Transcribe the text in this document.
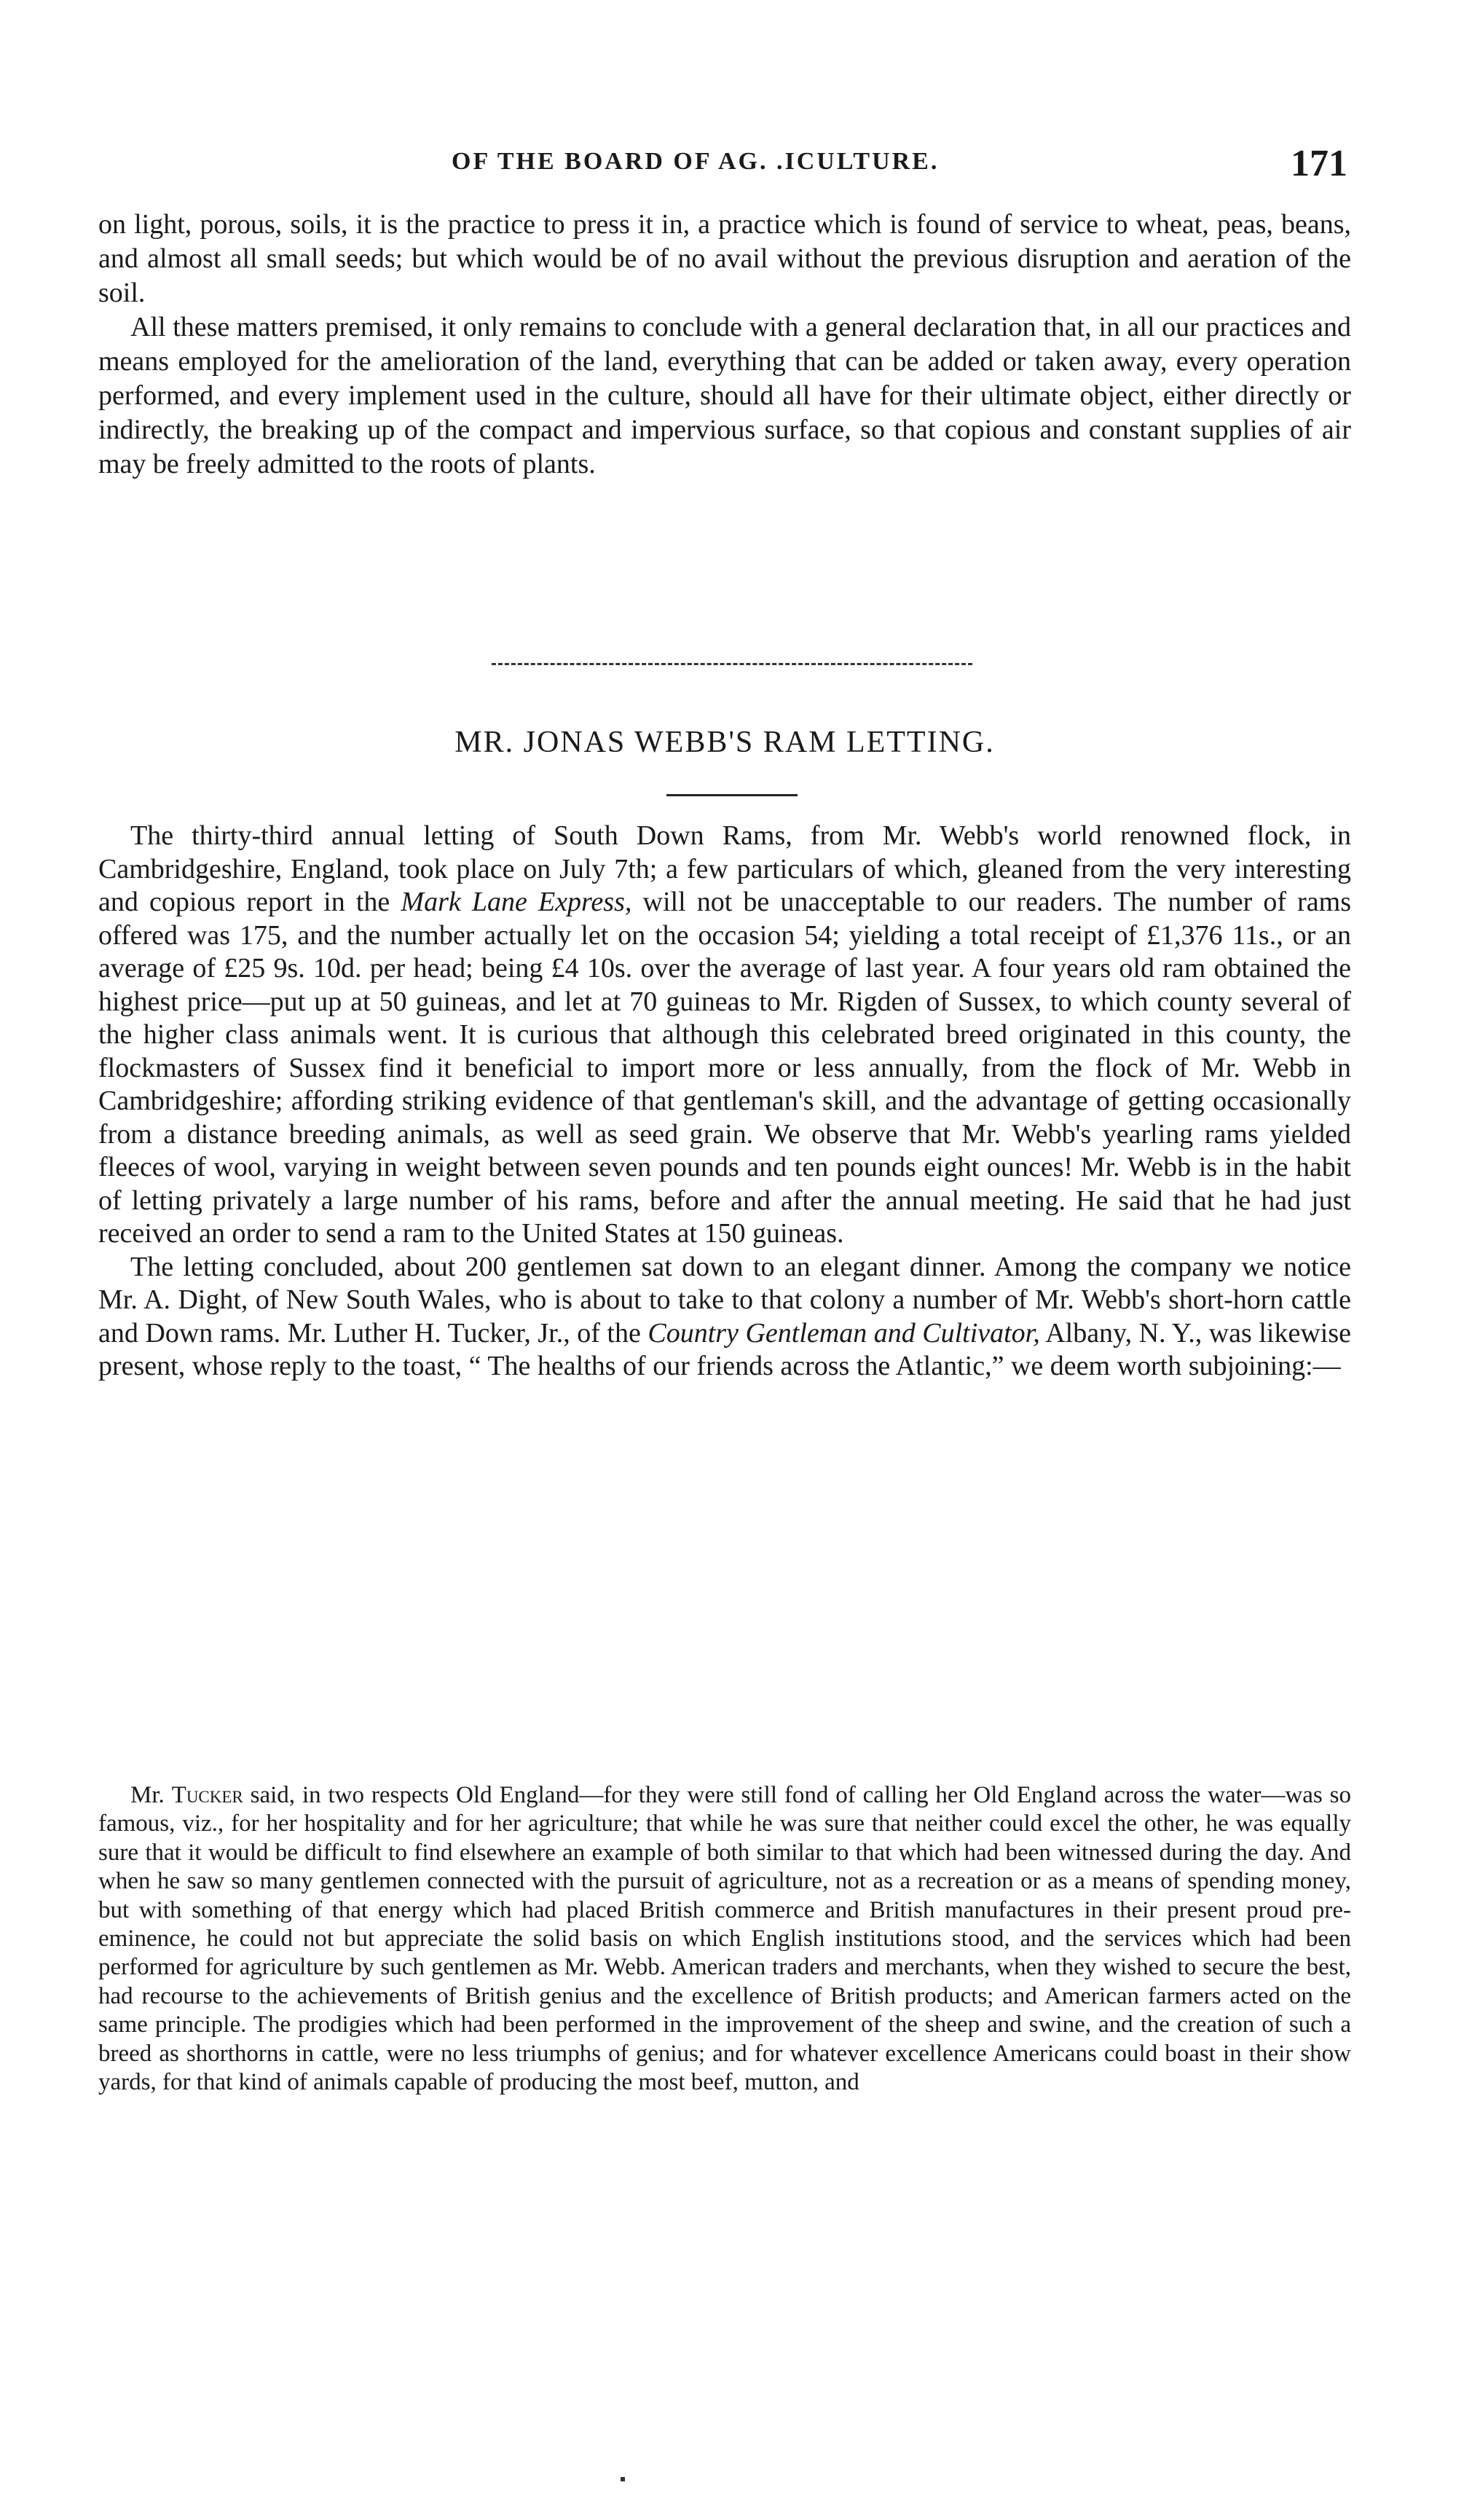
OF THE BOARD OF AG. .ICULTURE.	171

on light, porous, soils, it is the practice to press it in, a practice which is found of service to wheat, peas, beans, and almost all small seeds; but which would be of no avail without the previous disruption and aeration of the soil.

All these matters premised, it only remains to conclude with a general declaration that, in all our practices and means employed for the amelioration of the land, everything that can be added or taken away, every operation performed, and every implement used in the culture, should all have for their ultimate object, either directly or indirectly, the breaking up of the compact and impervious surface, so that copious and constant supplies of air may be freely admitted to the roots of plants.

MR. JONAS WEBB'S RAM LETTING.

The thirty-third annual letting of South Down Rams, from Mr. Webb's world renowned flock, in Cambridgeshire, England, took place on July 7th; a few particulars of which, gleaned from the very interesting and copious report in the Mark Lane Express, will not be unacceptable to our readers. The number of rams offered was 175, and the number actually let on the occasion 54; yielding a total receipt of £1,376 11s., or an average of £25 9s. 10d. per head; being £4 10s. over the average of last year. A four years old ram obtained the highest price—put up at 50 guineas, and let at 70 guineas to Mr. Rigden of Sussex, to which county several of the higher class animals went. It is curious that although this celebrated breed originated in this county, the flockmasters of Sussex find it beneficial to import more or less annually, from the flock of Mr. Webb in Cambridgeshire; affording striking evidence of that gentleman's skill, and the advantage of getting occasionally from a distance breeding animals, as well as seed grain. We observe that Mr. Webb's yearling rams yielded fleeces of wool, varying in weight between seven pounds and ten pounds eight ounces! Mr. Webb is in the habit of letting privately a large number of his rams, before and after the annual meeting. He said that he had just received an order to send a ram to the United States at 150 guineas.

The letting concluded, about 200 gentlemen sat down to an elegant dinner. Among the company we notice Mr. A. Dight, of New South Wales, who is about to take to that colony a number of Mr. Webb's short-horn cattle and Down rams. Mr. Luther H. Tucker, Jr., of the Country Gentleman and Cultivator, Albany, N. Y., was likewise present, whose reply to the toast, “ The healths of our friends across the Atlantic,” we deem worth subjoining:—

Mr. Tucker said, in two respects Old England—for they were still fond of calling her Old England across the water—was so famous, viz., for her hospitality and for her agriculture; that while he was sure that neither could excel the other, he was equally sure that it would be difficult to find elsewhere an example of both similar to that which had been witnessed during the day. And when he saw so many gentlemen connected with the pursuit of agriculture, not as a recreation or as a means of spending money, but with something of that energy which had placed British commerce and British manufactures in their present proud pre-eminence, he could not but appreciate the solid basis on which English institutions stood, and the services which had been performed for agriculture by such gentlemen as Mr. Webb. American traders and merchants, when they wished to secure the best, had recourse to the achievements of British genius and the excellence of British products; and American farmers acted on the same principle. The prodigies which had been performed in the improvement of the sheep and swine, and the creation of such a breed as shorthorns in cattle, were no less triumphs of genius; and for whatever excellence Americans could boast in their show yards, for that kind of animals capable of producing the most beef, mutton, and
